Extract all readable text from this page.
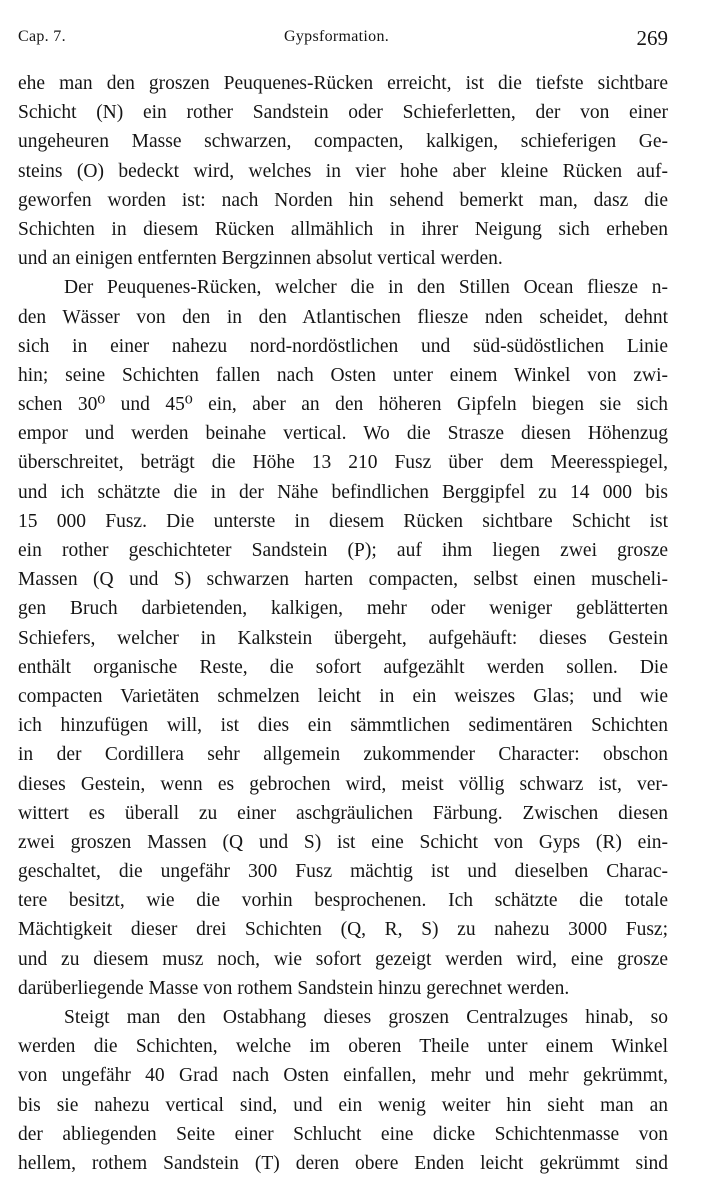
Cap. 7.	Gypsformation.	269
ehe man den groszen Peuquenes-Rücken erreicht, ist die tiefste sichtbare
Schicht (N) ein rother Sandstein oder Schieferletten, der von einer
ungeheuren Masse schwarzen, compacten, kalkigen, schieferigen Ge-
steins (O) bedeckt wird, welches in vier hohe aber kleine Rücken auf-
geworfen worden ist: nach Norden hin sehend bemerkt man, dasz die
Schichten in diesem Rücken allmählich in ihrer Neigung sich erheben
und an einigen entfernten Bergzinnen absolut vertical werden.
Der Peuquenes-Rücken, welcher die in den Stillen Ocean fliesze n-
den Wässer von den in den Atlantischen fliesze nden scheidet, dehnt
sich in einer nahezu nord-nordöstlichen und süd-südöstlichen Linie
hin; seine Schichten fallen nach Osten unter einem Winkel von zwi-
schen 30⁰ und 45⁰ ein, aber an den höheren Gipfeln biegen sie sich
empor und werden beinahe vertical. Wo die Strasze diesen Höhenzug
überschreitet, beträgt die Höhe 13 210 Fusz über dem Meeresspiegel,
und ich schätzte die in der Nähe befindlichen Berggipfel zu 14 000 bis
15 000 Fusz. Die unterste in diesem Rücken sichtbare Schicht ist
ein rother geschichteter Sandstein (P); auf ihm liegen zwei grosze
Massen (Q und S) schwarzen harten compacten, selbst einen muscheli-
gen Bruch darbietenden, kalkigen, mehr oder weniger geblätterten
Schiefers, welcher in Kalkstein übergeht, aufgehäuft: dieses Gestein
enthält organische Reste, die sofort aufgezählt werden sollen. Die
compacten Varietäten schmelzen leicht in ein weiszes Glas; und wie
ich hinzufügen will, ist dies ein sämmtlichen sedimentären Schichten
in der Cordillera sehr allgemein zukommender Character: obschon
dieses Gestein, wenn es gebrochen wird, meist völlig schwarz ist, ver-
wittert es überall zu einer aschgräulichen Färbung. Zwischen diesen
zwei groszen Massen (Q und S) ist eine Schicht von Gyps (R) ein-
geschaltet, die ungefähr 300 Fusz mächtig ist und dieselben Charac-
tere besitzt, wie die vorhin besprochenen. Ich schätzte die totale
Mächtigkeit dieser drei Schichten (Q, R, S) zu nahezu 3000 Fusz;
und zu diesem musz noch, wie sofort gezeigt werden wird, eine grosze
darüberliegende Masse von rothem Sandstein hinzu gerechnet werden.
Steigt man den Ostabhang dieses groszen Centralzuges hinab, so
werden die Schichten, welche im oberen Theile unter einem Winkel
von ungefähr 40 Grad nach Osten einfallen, mehr und mehr gekrümmt,
bis sie nahezu vertical sind, und ein wenig weiter hin sieht man an
der abliegenden Seite einer Schlucht eine dicke Schichtenmasse von
hellem, rothem Sandstein (T) deren obere Enden leicht gekrümmt sind
